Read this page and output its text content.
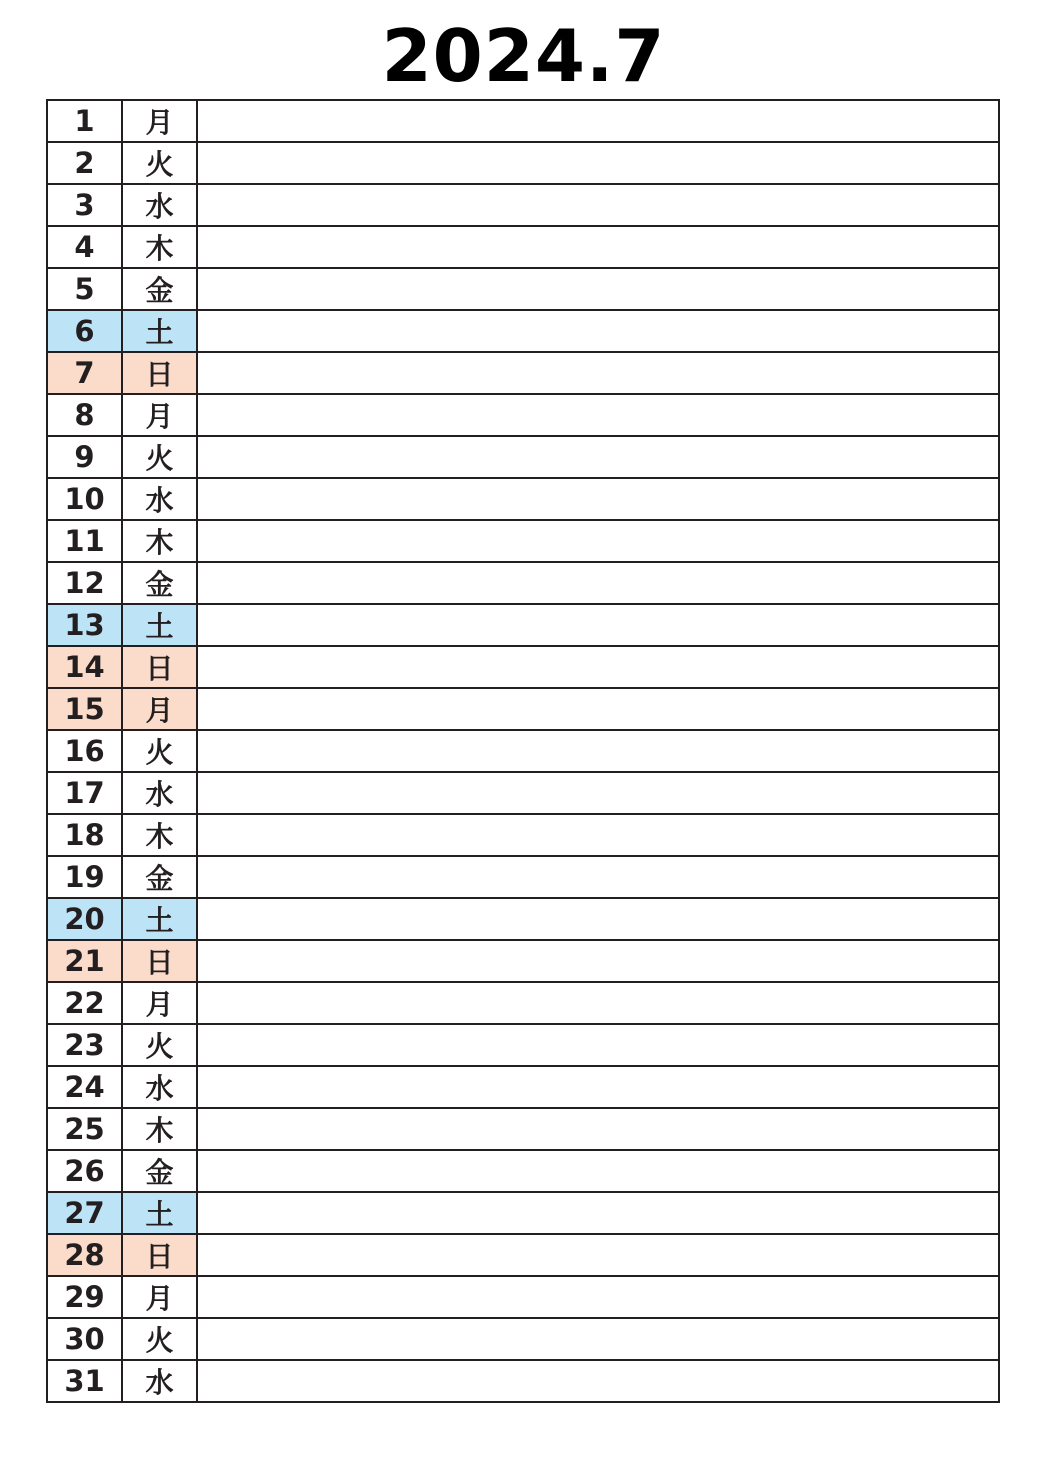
2024.7
1	月	
2	火	
3	水	
4	木	
5	金	
6	土	
7	日	
8	月	
9	火	
10	水	
11	木	
12	金	
13	土	
14	日	
15	月	
16	火	
17	水	
18	木	
19	金	
20	土	
21	日	
22	月	
23	火	
24	水	
25	木	
26	金	
27	土	
28	日	
29	月	
30	火	
31	水	
